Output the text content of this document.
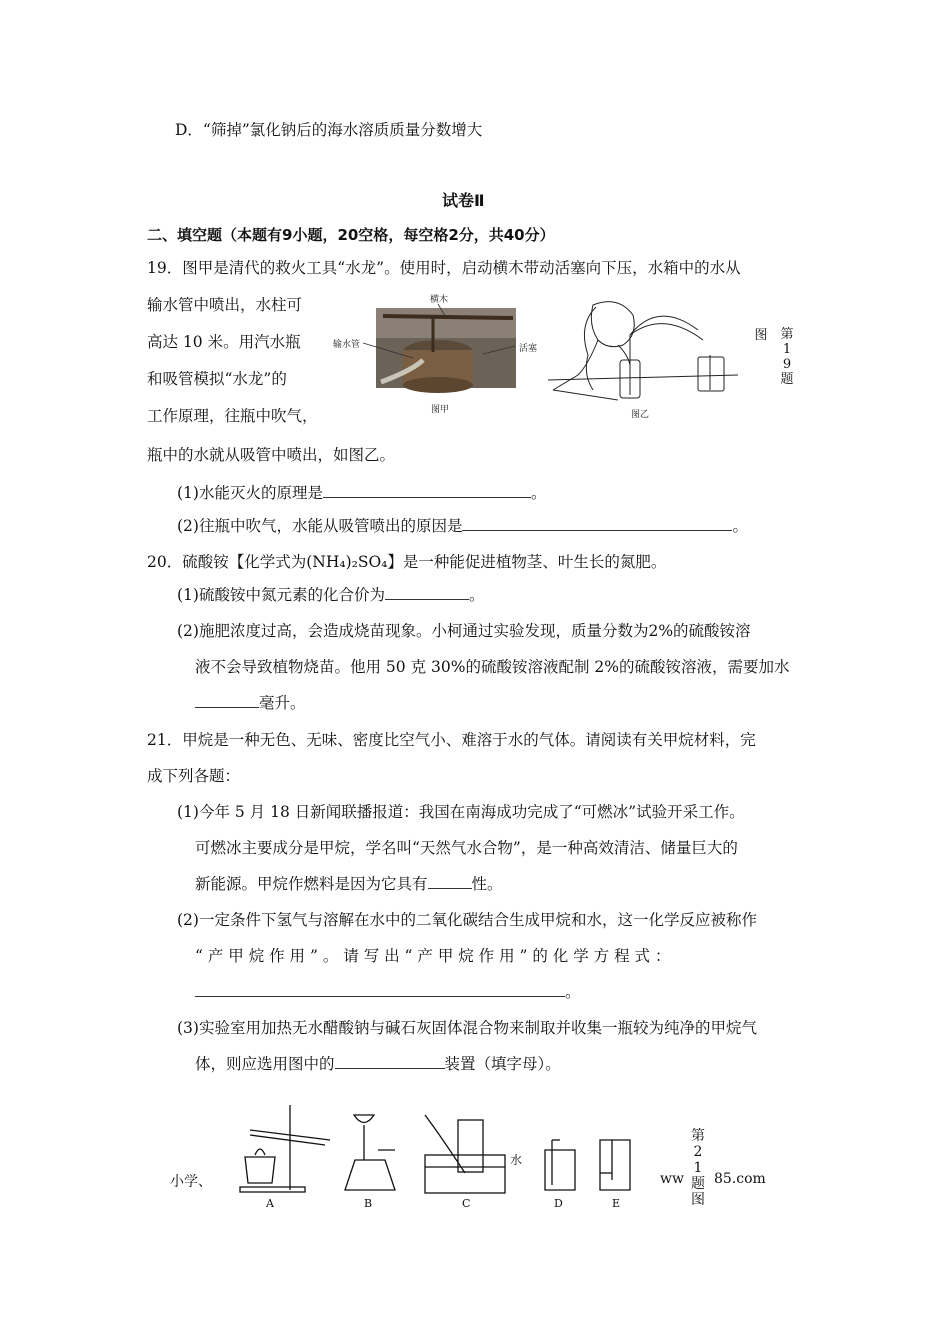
D．“筛掉”氯化钠后的海水溶质质量分数增大
试卷Ⅱ
二、填空题（本题有9小题，20空格，每空格2分，共40分）
19．图甲是清代的救火工具“水龙”。使用时，启动横木带动活塞向下压，水箱中的水从
输水管中喷出，水柱可
高达 10 米。用汽水瓶
和吸管模拟“水龙”的
工作原理，往瓶中吹气，
瓶中的水就从吸管中喷出，如图乙。
横木
输水管	活塞
图甲	图乙
图 第19题
(1)水能灭火的原理是	。
(2)往瓶中吹气，水能从吸管喷出的原因是	。
20．硫酸铵【化学式为(NH₄)₂SO₄】是一种能促进植物茎、叶生长的氮肥。
(1)硫酸铵中氮元素的化合价为	。
(2)施肥浓度过高，会造成烧苗现象。小柯通过实验发现，质量分数为2%的硫酸铵溶
液不会导致植物烧苗。他用 50 克 30%的硫酸铵溶液配制 2%的硫酸铵溶液，需要加水
毫升。
21．甲烷是一种无色、无味、密度比空气小、难溶于水的气体。请阅读有关甲烷材料，完
成下列各题：
(1)今年 5 月 18 日新闻联播报道：我国在南海成功完成了“可燃冰”试验开采工作。
可燃冰主要成分是甲烷，学名叫“天然气水合物”，是一种高效清洁、储量巨大的
新能源。甲烷作燃料是因为它具有	性。
(2)一定条件下氢气与溶解在水中的二氧化碳结合生成甲烷和水，这一化学反应被称作
“ 产 甲 烷 作 用 ” 。 请 写 出 “ 产 甲 烷 作 用 ” 的 化 学 方 程 式 ：
。
(3)实验室用加热无水醋酸钠与碱石灰固体混合物来制取并收集一瓶较为纯净的甲烷气
体，则应选用图中的	装置（填字母）。
A	B	C	D	E
水
第21题图
小学、	ww 85.com
